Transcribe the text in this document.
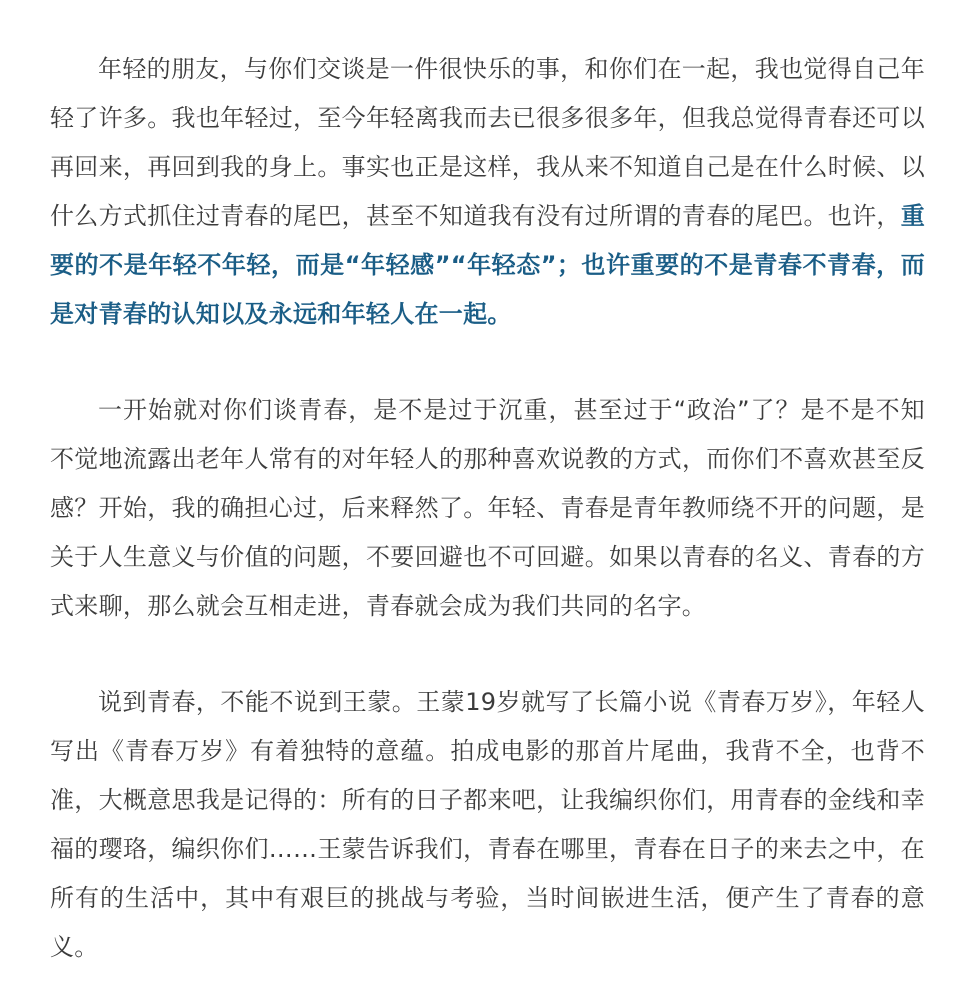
年轻的朋友，与你们交谈是一件很快乐的事，和你们在一起，我也觉得自己年轻了许多。我也年轻过，至今年轻离我而去已很多很多年，但我总觉得青春还可以再回来，再回到我的身上。事实也正是这样，我从来不知道自己是在什么时候、以什么方式抓住过青春的尾巴，甚至不知道我有没有过所谓的青春的尾巴。也许，重要的不是年轻不年轻，而是“年轻感”“年轻态”；也许重要的不是青春不青春，而是对青春的认知以及永远和年轻人在一起。

一开始就对你们谈青春，是不是过于沉重，甚至过于“政治”了？是不是不知不觉地流露出老年人常有的对年轻人的那种喜欢说教的方式，而你们不喜欢甚至反感？开始，我的确担心过，后来释然了。年轻、青春是青年教师绕不开的问题，是关于人生意义与价值的问题，不要回避也不可回避。如果以青春的名义、青春的方式来聊，那么就会互相走进，青春就会成为我们共同的名字。

说到青春，不能不说到王蒙。王蒙19岁就写了长篇小说《青春万岁》，年轻人写出《青春万岁》有着独特的意蕴。拍成电影的那首片尾曲，我背不全，也背不准，大概意思我是记得的：所有的日子都来吧，让我编织你们，用青春的金线和幸福的璎珞，编织你们……王蒙告诉我们，青春在哪里，青春在日子的来去之中，在所有的生活中，其中有艰巨的挑战与考验，当时间嵌进生活，便产生了青春的意义。
